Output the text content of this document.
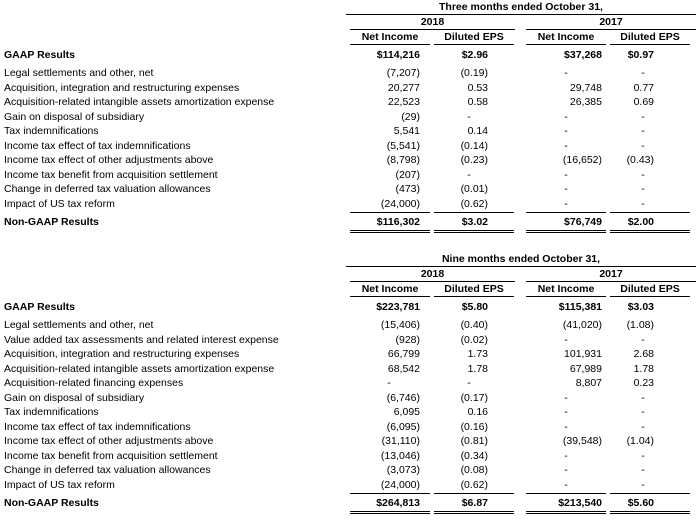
Three months ended October 31,
2018	2017
Net Income	Diluted EPS	Net Income	Diluted EPS
GAAP Results	$114,216	$2.96	$37,268	$0.97
Legal settlements and other, net	(7,207)	(0.19)	-	-
Acquisition, integration and restructuring expenses	20,277	0.53	29,748	0.77
Acquisition-related intangible assets amortization expense	22,523	0.58	26,385	0.69
Gain on disposal of subsidiary	(29)	-	-	-
Tax indemnifications	5,541	0.14	-	-
Income tax effect of tax indemnifications	(5,541)	(0.14)	-	-
Income tax effect of other adjustments above	(8,798)	(0.23)	(16,652)	(0.43)
Income tax benefit from acquisition settlement	(207)	-	-	-
Change in deferred tax valuation allowances	(473)	(0.01)	-	-
Impact of US tax reform	(24,000)	(0.62)	-	-
Non-GAAP Results	$116,302	$3.02	$76,749	$2.00
Nine months ended October 31,
2018	2017
Net Income	Diluted EPS	Net Income	Diluted EPS
GAAP Results	$223,781	$5.80	$115,381	$3.03
Legal settlements and other, net	(15,406)	(0.40)	(41,020)	(1.08)
Value added tax assessments and related interest expense	(928)	(0.02)	-	-
Acquisition, integration and restructuring expenses	66,799	1.73	101,931	2.68
Acquisition-related intangible assets amortization expense	68,542	1.78	67,989	1.78
Acquisition-related financing expenses	-	-	8,807	0.23
Gain on disposal of subsidiary	(6,746)	(0.17)	-	-
Tax indemnifications	6,095	0.16	-	-
Income tax effect of tax indemnifications	(6,095)	(0.16)	-	-
Income tax effect of other adjustments above	(31,110)	(0.81)	(39,548)	(1.04)
Income tax benefit from acquisition settlement	(13,046)	(0.34)	-	-
Change in deferred tax valuation allowances	(3,073)	(0.08)	-	-
Impact of US tax reform	(24,000)	(0.62)	-	-
Non-GAAP Results	$264,813	$6.87	$213,540	$5.60
